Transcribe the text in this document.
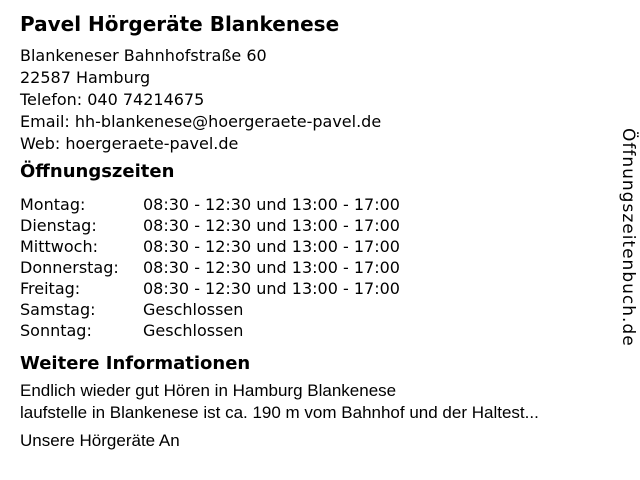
Pavel Hörgeräte Blankenese
Blankeneser Bahnhofstraße 60
22587 Hamburg
Telefon: 040 74214675
Email: hh-blankenese@hoergeraete-pavel.de
Web: hoergeraete-pavel.de
Öffnungszeiten
Montag:	08:30 - 12:30 und 13:00 - 17:00
Dienstag:	08:30 - 12:30 und 13:00 - 17:00
Mittwoch:	08:30 - 12:30 und 13:00 - 17:00
Donnerstag:	08:30 - 12:30 und 13:00 - 17:00
Freitag:	08:30 - 12:30 und 13:00 - 17:00
Samstag:	Geschlossen
Sonntag:	Geschlossen
Weitere Informationen

Endlich wieder gut Hören in Hamburg Blankenese
laufstelle in Blankenese ist ca. 190 m vom Bahnhof und der Haltest...

Unsere Hörgeräte An

Öffnungszeitenbuch.de
